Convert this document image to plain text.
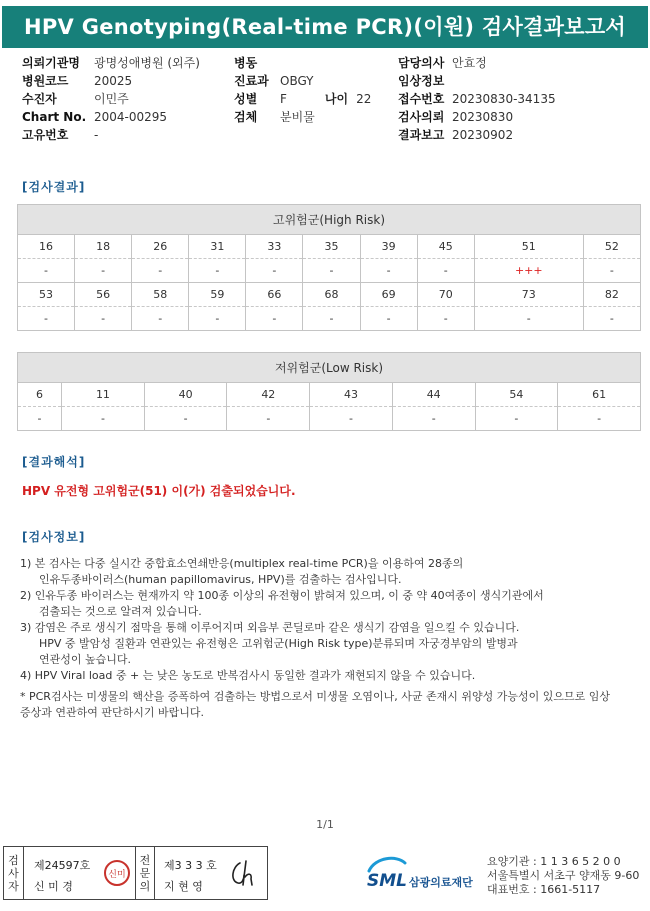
HPV Genotyping(Real-time PCR)(이원) 검사결과보고서
의뢰기관명 광명성애병원 (외주)
병원코드 20025
수진자	이민주
Chart No. 2004-00295
고유번호 -
병동
진료과 OBGY
성별 F	나이 22
검체 분비물
담당의사 안효정
임상정보
접수번호 20230830-34135
검사의뢰 20230830
결과보고 20230902
[검사결과]
고위험군(High Risk)									
16	18	26	31	33	35	39	45	51	52
-	-	-	-	-	-	-	-	+++	-
53	56	58	59	66	68	69	70	73	82
-	-	-	-	-	-	-	-	-	-
저위험군(Low Risk)							
6	11	40	42	43	44	54	61
-	-	-	-	-	-	-	-
[결과해석]
HPV 유전형 고위험군(51) 이(가) 검출되었습니다.
[검사정보]

1) 본 검사는 다중 실시간 중합효소연쇄반응(multiplex real-time PCR)을 이용하여 28종의

인유두종바이러스(human papillomavirus, HPV)를 검출하는 검사입니다.

2) 인유두종 바이러스는 현재까지 약 100종 이상의 유전형이 밝혀져 있으며, 이 중 약 40여종이 생식기관에서

검출되는 것으로 알려져 있습니다.

3) 감염은 주로 생식기 점막을 통해 이루어지며 외음부 콘딜로마 같은 생식기 감염을 일으킬 수 있습니다.

HPV 중 발암성 질환과 연관있는 유전형은 고위험군(High Risk type)분류되며 자궁경부암의 발병과

연관성이 높습니다.

4) HPV Viral load 중 + 는 낮은 농도로 반복검사시 동일한 결과가 재현되지 않을 수 있습니다.

* PCR검사는 미생물의 핵산을 증폭하여 검출하는 방법으로서 미생물 오염이나, 사균 존재시 위양성 가능성이 있으므로 임상

증상과 연관하여 판단하시기 바랍니다.

1/1
검
사
자
제24597호
신 미 경
신미
전
문
의
제3 3 3 호
지 현 영	SML 삼광의료재단
요양기관 : 1 1 3 6 5 2 0 0
서울특별시 서초구 양재동 9-60
대표번호 : 1661-5117
